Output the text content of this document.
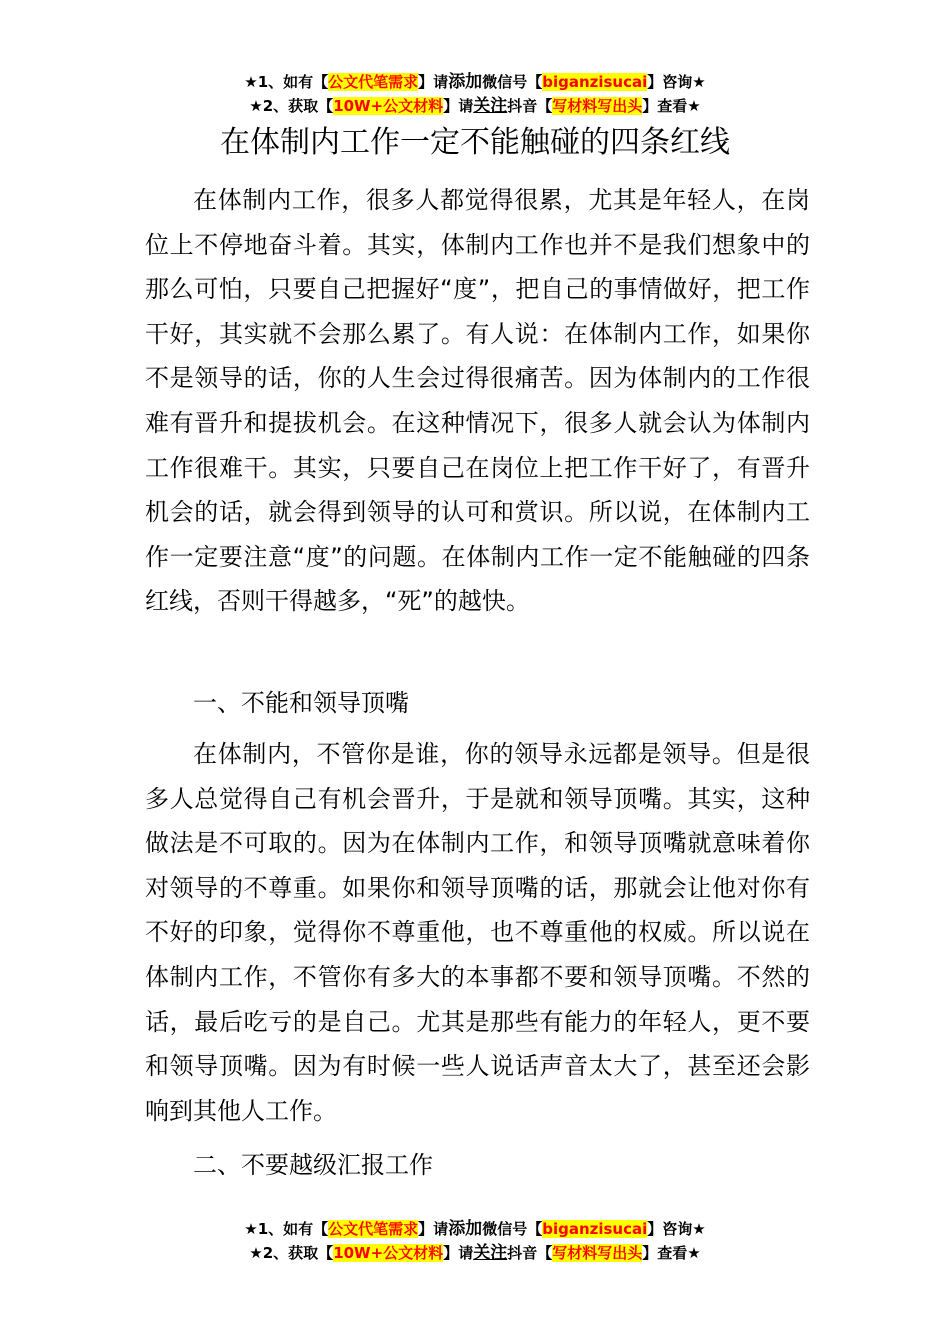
★1、如有【公文代笔需求】请添加微信号【biganzisucai】咨询★
★2、获取【10W+公文材料】请关注抖音【写材料写出头】查看★
在体制内工作一定不能触碰的四条红线

在体制内工作，很多人都觉得很累，尤其是年轻人，在岗位上不停地奋斗着。其实，体制内工作也并不是我们想象中的那么可怕，只要自己把握好“度”，把自己的事情做好，把工作干好，其实就不会那么累了。有人说：在体制内工作，如果你不是领导的话，你的人生会过得很痛苦。因为体制内的工作很难有晋升和提拔机会。在这种情况下，很多人就会认为体制内工作很难干。其实，只要自己在岗位上把工作干好了，有晋升机会的话，就会得到领导的认可和赏识。所以说，在体制内工作一定要注意“度”的问题。在体制内工作一定不能触碰的四条红线，否则干得越多，“死”的越快。

一、不能和领导顶嘴

在体制内，不管你是谁，你的领导永远都是领导。但是很多人总觉得自己有机会晋升，于是就和领导顶嘴。其实，这种做法是不可取的。因为在体制内工作，和领导顶嘴就意味着你对领导的不尊重。如果你和领导顶嘴的话，那就会让他对你有不好的印象，觉得你不尊重他，也不尊重他的权威。所以说在体制内工作，不管你有多大的本事都不要和领导顶嘴。不然的话，最后吃亏的是自己。尤其是那些有能力的年轻人，更不要和领导顶嘴。因为有时候一些人说话声音太大了，甚至还会影响到其他人工作。

二、不要越级汇报工作
★1、如有【公文代笔需求】请添加微信号【biganzisucai】咨询★
★2、获取【10W+公文材料】请关注抖音【写材料写出头】查看★
